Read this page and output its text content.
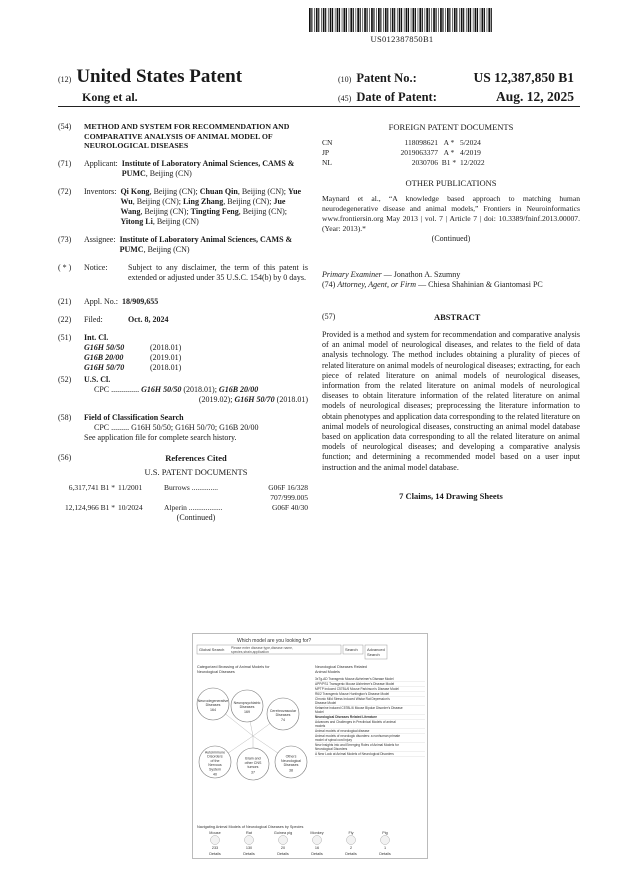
US012387850B1
(12) United States Patent
Kong et al.
(10) Patent No.:	US 12,387,850 B1
(45) Date of Patent:	Aug. 12, 2025
(54)	METHOD AND SYSTEM FOR RECOMMENDATION AND COMPARATIVE ANALYSIS OF ANIMAL MODEL OF NEUROLOGICAL DISEASES
(71)	Applicant: Institute of Laboratory Animal Sciences, CAMS & PUMC, Beijing (CN)
(72)	Inventors: Qi Kong, Beijing (CN); Chuan Qin, Beijing (CN); Yue Wu, Beijing (CN); Ling Zhang, Beijing (CN); Jue Wang, Beijing (CN); Tingting Feng, Beijing (CN); Yitong Li, Beijing (CN)
(73)	Assignee: Institute of Laboratory Animal Sciences, CAMS & PUMC, Beijing (CN)
( * )	Notice:	Subject to any disclaimer, the term of this patent is extended or adjusted under 35 U.S.C. 154(b) by 0 days.
(21)	Appl. No.: 18/909,655
(22)	Filed:	Oct. 8, 2024
(51)	Int. Cl.
G16H 50/50	(2018.01)
G16B 20/00	(2019.01)
G16H 50/70	(2018.01)
(52)	U.S. Cl.
CPC .............. G16H 50/50 (2018.01); G16B 20/00
(2019.02); G16H 50/70 (2018.01)
(58)	Field of Classification Search
CPC ......... G16H 50/50; G16H 50/70; G16B 20/00
See application file for complete search history.
(56)	References Cited
U.S. PATENT DOCUMENTS
6,317,741 B1 * 11/2001	Burrows ..............	G06F 16/328
707/999.005
12,124,966 B1 * 10/2024	Alperin ..................	G06F 40/30
(Continued)
FOREIGN PATENT DOCUMENTS
CN	118098621 A * 5/2024
JP	2019063377 A * 4/2019
NL	2030706 B1 * 12/2022
OTHER PUBLICATIONS
Maynard et al., “A knowledge based approach to matching human neurodegenerative disease and animal models,” Frontiers in Neuroinformatics www.frontiersin.org May 2013 | vol. 7 | Article 7 | doi: 10.3389/fninf.2013.00007. (Year: 2013).*
(Continued)
Primary Examiner — Jonathon A. Szumny
(74) Attorney, Agent, or Firm — Chiesa Shahinian & Giantomasi PC
(57)	ABSTRACT
Provided is a method and system for recommendation and comparative analysis of an animal model of neurological diseases, and relates to the field of data analysis technology. The method includes obtaining a plurality of pieces of related literature on animal models of neurological diseases; extracting, for each piece of related literature on animal models of neurological diseases, information from the related literature on animal models of neurological diseases to obtain literature information of the related literature on animal models of neurological diseases; preprocessing the literature information to obtain phenotypes and application data corresponding to the related literature on animal models of neurological diseases, constructing an animal model database based on application data corresponding to all the related literature on animal models of neurological diseases; and developing a comparative analysis function; and determining a recommended model based on a user input instruction and the animal model database.
7 Claims, 14 Drawing Sheets
Which model are you looking for?
Global Search Please enter disease type,disease name, species,strain,application	Search Advanced Search
Categorized Browsing of Animal Models for Neurological Diseases
Neurodegenerative
Diseases
164
Neuropsychiatric
Diseases
169	Cerebrovascular
Diseases
74
Autoimmune
Disorders
of the
Nervous
System
40
Brain and
other CNS
tumors
37
Others
Neurological
Diseases
38
Neurological Diseases Related Animal Models
3xTg-AD Transgenic Mouse Alzheimer's Disease Model
APP/PS1 Transgenic Mouse Alzheimer's Disease Model
MPTP induced C57BL/6 Mouse Parkinson's Disease Model
R6/2 Transgenic Mouse Huntington's Disease Model
Chronic Mild Stress Induced Wistar Rat Depression's
Disease Model
Ketamine induced C57BL/6 Mouse Bipolar Disorder's Disease
Model
Neurological Diseases Related Literature
Advances and Challenges in Preclinical Models of animal
models
Animal models of neurological disease
Animal models of neurologic disorders: a nonhuman primate
model of spinal cord injury
New Insights into and Emerging Roles of Animal Models for
Neurological Disorders
A New Look at Animal Models of Neurological Disorders
Navigating Animal Models of Neurological Diseases by Species
Mouse
233
Details
Rat
130
Details
Guinea pig
20
Details
Monkey
16
Details
Fly
2
Details
Pig
1
Details
